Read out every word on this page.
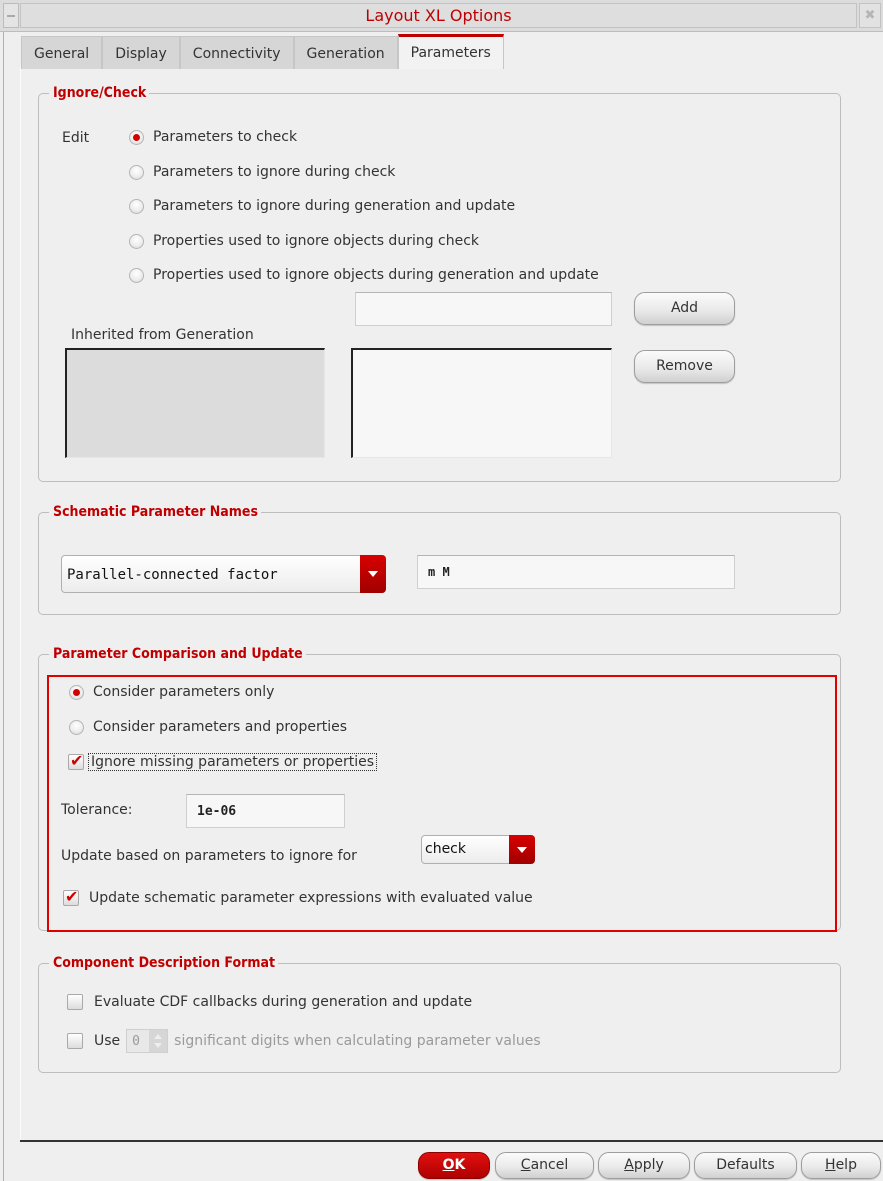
Layout XL Options	✖
General	Display	Connectivity	Generation	Parameters
Ignore/Check
Edit	Parameters to check
Parameters to ignore during check
Parameters to ignore during generation and update
Properties used to ignore objects during check
Properties used to ignore objects during generation and update
Add
Remove
Inherited from Generation
Schematic Parameter Names
Parallel-connected factor	m M
Parameter Comparison and Update
Consider parameters only
Consider parameters and properties
✔
Ignore missing parameters or properties
Tolerance:	1e-06
Update based on parameters to ignore for	check
✔
Update schematic parameter expressions with evaluated value
Component Description Format
Evaluate CDF callbacks during generation and update
Use 0	significant digits when calculating parameter values
OK	Cancel	Apply	Defaults	Help
